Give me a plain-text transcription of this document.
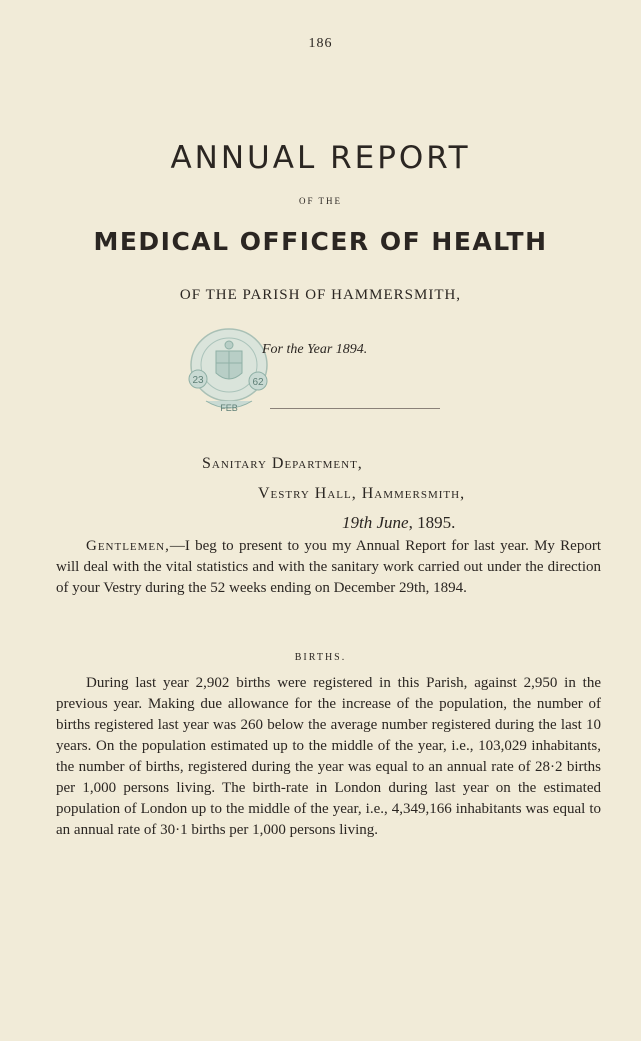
186
ANNUAL REPORT
OF THE
MEDICAL OFFICER OF HEALTH
OF THE PARISH OF HAMMERSMITH,
23	62
FEB
For the Year 1894.
Sanitary Department,
Vestry Hall, Hammersmith,
19th June, 1895.

Gentlemen,—I beg to present to you my Annual Report for last year. My Report will deal with the vital statistics and with the sanitary work carried out under the direction of your Vestry during the 52 weeks ending on December 29th, 1894.

BIRTHS.

During last year 2,902 births were registered in this Parish, against 2,950 in the previous year. Making due allowance for the increase of the population, the number of births registered last year was 260 below the average number registered during the last 10 years. On the population estimated up to the middle of the year, i.e., 103,029 inhabitants, the number of births, registered during the year was equal to an annual rate of 28·2 births per 1,000 persons living. The birth-rate in London during last year on the estimated population of London up to the middle of the year, i.e., 4,349,166 inhabitants was equal to an annual rate of 30·1 births per 1,000 persons living.
